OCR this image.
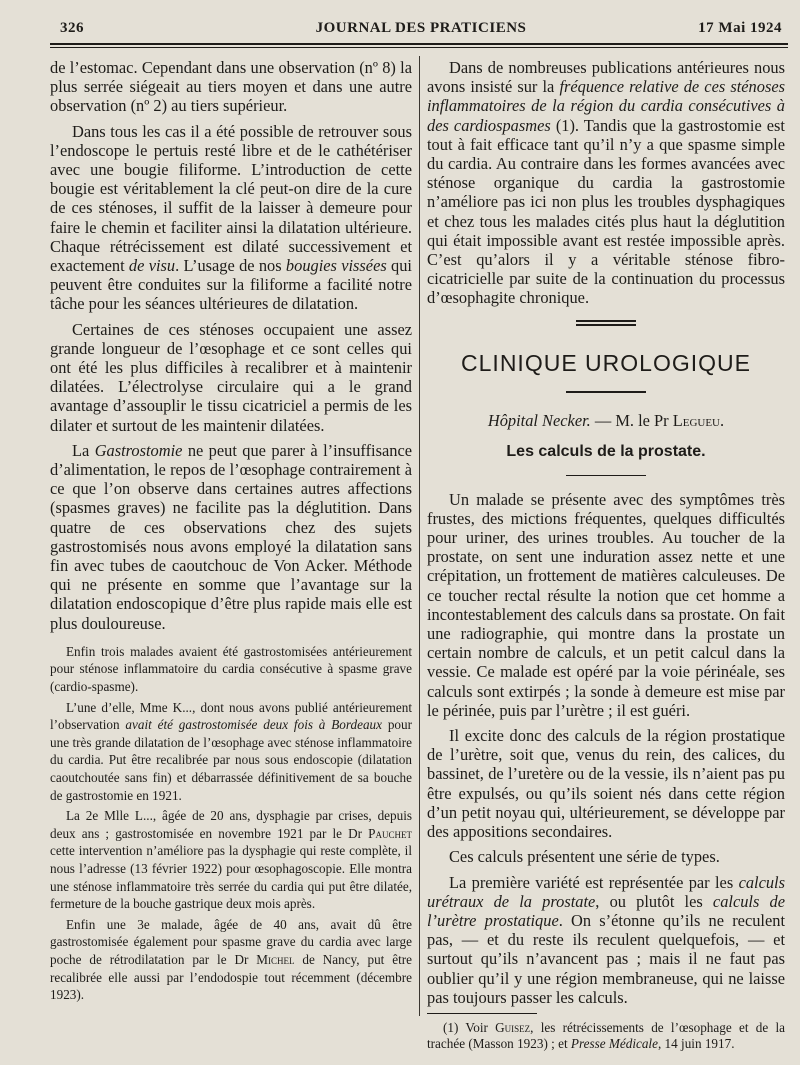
326	JOURNAL DES PRATICIENS	17 Mai 1924

de l’estomac. Cependant dans une observation (nº 8) la plus serrée siégeait au tiers moyen et dans une autre observation (nº 2) au tiers supérieur.

Dans tous les cas il a été possible de retrouver sous l’endoscope le pertuis resté libre et de le cathétériser avec une bougie filiforme. L’introduction de cette bougie est véritablement la clé peut-on dire de la cure de ces sténoses, il suffit de la laisser à demeure pour faire le chemin et faciliter ainsi la dilatation ultérieure. Chaque rétrécissement est dilaté successivement et exactement de visu. L’usage de nos bougies vissées qui peuvent être conduites sur la filiforme a facilité notre tâche pour les séances ultérieures de dilatation.

Certaines de ces sténoses occupaient une assez grande longueur de l’œsophage et ce sont celles qui ont été les plus difficiles à recalibrer et à maintenir dilatées. L’électrolyse circulaire qui a le grand avantage d’assouplir le tissu cicatriciel a permis de les dilater et surtout de les maintenir dilatées.

La Gastrostomie ne peut que parer à l’insuffisance d’alimentation, le repos de l’œsophage contrairement à ce que l’on observe dans certaines autres affections (spasmes graves) ne facilite pas la déglutition. Dans quatre de ces observations chez des sujets gastrostomisés nous avons employé la dilatation sans fin avec tubes de caoutchouc de Von Acker. Méthode qui ne présente en somme que l’avantage sur la dilatation endoscopique d’être plus rapide mais elle est plus douloureuse.

Enfin trois malades avaient été gastrostomisées antérieurement pour sténose inflammatoire du cardia consécutive à spasme grave (cardio-spasme).

L’une d’elle, Mme K..., dont nous avons publié antérieurement l’observation avait été gastrostomisée deux fois à Bordeaux pour une très grande dilatation de l’œsophage avec sténose inflammatoire du cardia. Put être recalibrée par nous sous endoscopie (dilatation caoutchoutée sans fin) et débarrassée définitivement de sa bouche de gastrostomie en 1921.

La 2e Mlle L..., âgée de 20 ans, dysphagie par crises, depuis deux ans ; gastrostomisée en novembre 1921 par le Dr Pauchet cette intervention n’améliore pas la dysphagie qui reste complète, il nous l’adresse (13 février 1922) pour œsophagoscopie. Elle montra une sténose inflammatoire très serrée du cardia qui put être dilatée, fermeture de la bouche gastrique deux mois après.

Enfin une 3e malade, âgée de 40 ans, avait dû être gastrostomisée également pour spasme grave du cardia avec large poche de rétrodilatation par le Dr Michel de Nancy, put être recalibrée elle aussi par l’endodospie tout récemment (décembre 1923).

Dans de nombreuses publications antérieures nous avons insisté sur la fréquence relative de ces sténoses inflammatoires de la région du cardia consécutives à des cardiospasmes (1). Tandis que la gastrostomie est tout à fait efficace tant qu’il n’y a que spasme simple du cardia. Au contraire dans les formes avancées avec sténose organique du cardia la gastrostomie n’améliore pas ici non plus les troubles dysphagiques et chez tous les malades cités plus haut la déglutition qui était impossible avant est restée impossible après. C’est qu’alors il y a véritable sténose fibro-cicatricielle par suite de la continuation du processus d’œsophagite chronique.

CLINIQUE UROLOGIQUE
Hôpital Necker. — M. le Pr Legueu.
Les calculs de la prostate.

Un malade se présente avec des symptômes très frustes, des mictions fréquentes, quelques difficultés pour uriner, des urines troubles. Au toucher de la prostate, on sent une induration assez nette et une crépitation, un frottement de matières calculeuses. De ce toucher rectal résulte la notion que cet homme a incontestablement des calculs dans sa prostate. On fait une radiographie, qui montre dans la prostate un certain nombre de calculs, et un petit calcul dans la vessie. Ce malade est opéré par la voie périnéale, ses calculs sont extirpés ; la sonde à demeure est mise par le périnée, puis par l’urètre ; il est guéri.

Il excite donc des calculs de la région prostatique de l’urètre, soit que, venus du rein, des calices, du bassinet, de l’uretère ou de la vessie, ils n’aient pas pu être expulsés, ou qu’ils soient nés dans cette région d’un petit noyau qui, ultérieurement, se développe par des appositions secondaires.

Ces calculs présentent une série de types.

La première variété est représentée par les calculs urétraux de la prostate, ou plutôt les calculs de l’urètre prostatique. On s’étonne qu’ils ne reculent pas, — et du reste ils reculent quelquefois, — et surtout qu’ils n’avancent pas ; mais il ne faut pas oublier qu’il y une région membraneuse, qui ne laisse pas toujours passer les calculs.

(1) Voir Guisez, les rétrécissements de l’œsophage et de la trachée (Masson 1923) ; et Presse Médicale, 14 juin 1917.
